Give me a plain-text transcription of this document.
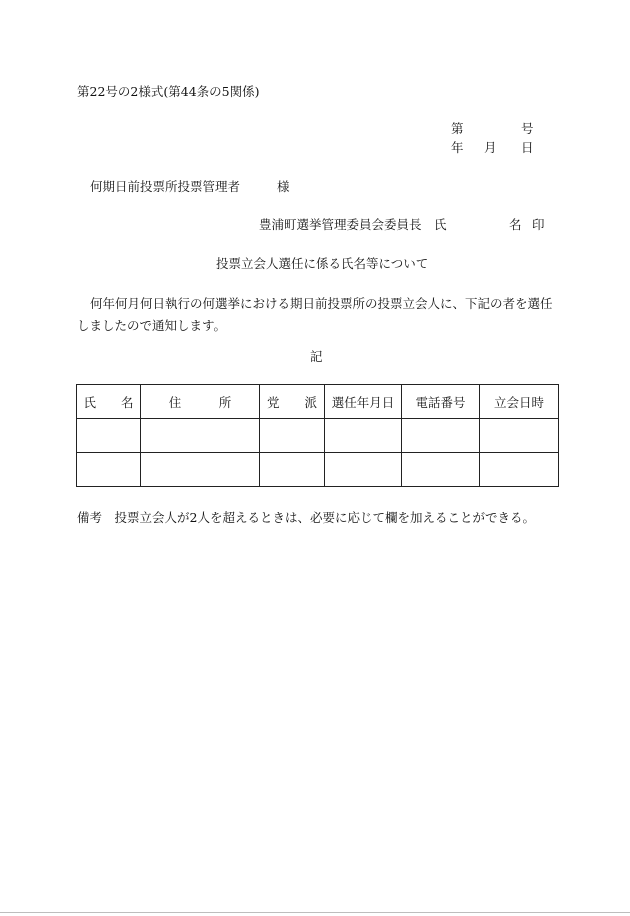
第22号の2様式(第44条の5関係)
第	号
年 月 日
何期日前投票所投票管理者	様
豊浦町選挙管理委員会委員長　氏	名 印
投票立会人選任に係る氏名等について
何年何月何日執行の何選挙における期日前投票所の投票立会人に、下記の者を選任しましたので通知します。
記
氏　　名	住　　　所	党　　派	選任年月日	電話番号	立会日時

備考　投票立会人が2人を超えるときは、必要に応じて欄を加えることができる。
